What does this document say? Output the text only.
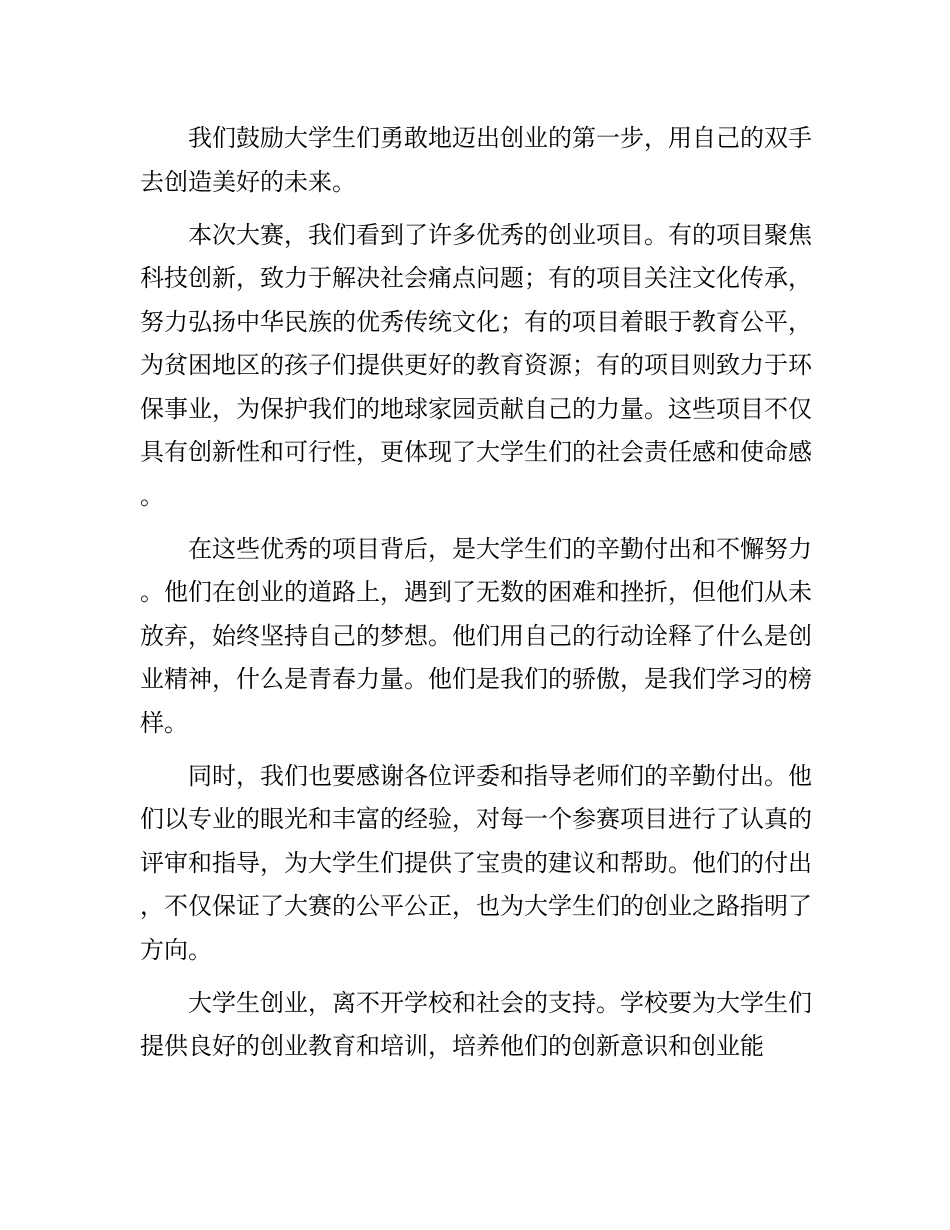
我们鼓励大学生们勇敢地迈出创业的第一步，用自己的双手去创造美好的未来。

本次大赛，我们看到了许多优秀的创业项目。有的项目聚焦科技创新，致力于解决社会痛点问题；有的项目关注文化传承，努力弘扬中华民族的优秀传统文化；有的项目着眼于教育公平，为贫困地区的孩子们提供更好的教育资源；有的项目则致力于环保事业，为保护我们的地球家园贡献自己的力量。这些项目不仅具有创新性和可行性，更体现了大学生们的社会责任感和使命感。

在这些优秀的项目背后，是大学生们的辛勤付出和不懈努力。他们在创业的道路上，遇到了无数的困难和挫折，但他们从未放弃，始终坚持自己的梦想。他们用自己的行动诠释了什么是创业精神，什么是青春力量。他们是我们的骄傲，是我们学习的榜样。

同时，我们也要感谢各位评委和指导老师们的辛勤付出。他们以专业的眼光和丰富的经验，对每一个参赛项目进行了认真的评审和指导，为大学生们提供了宝贵的建议和帮助。他们的付出，不仅保证了大赛的公平公正，也为大学生们的创业之路指明了方向。

大学生创业，离不开学校和社会的支持。学校要为大学生们提供良好的创业教育和培训，培养他们的创新意识和创业能
